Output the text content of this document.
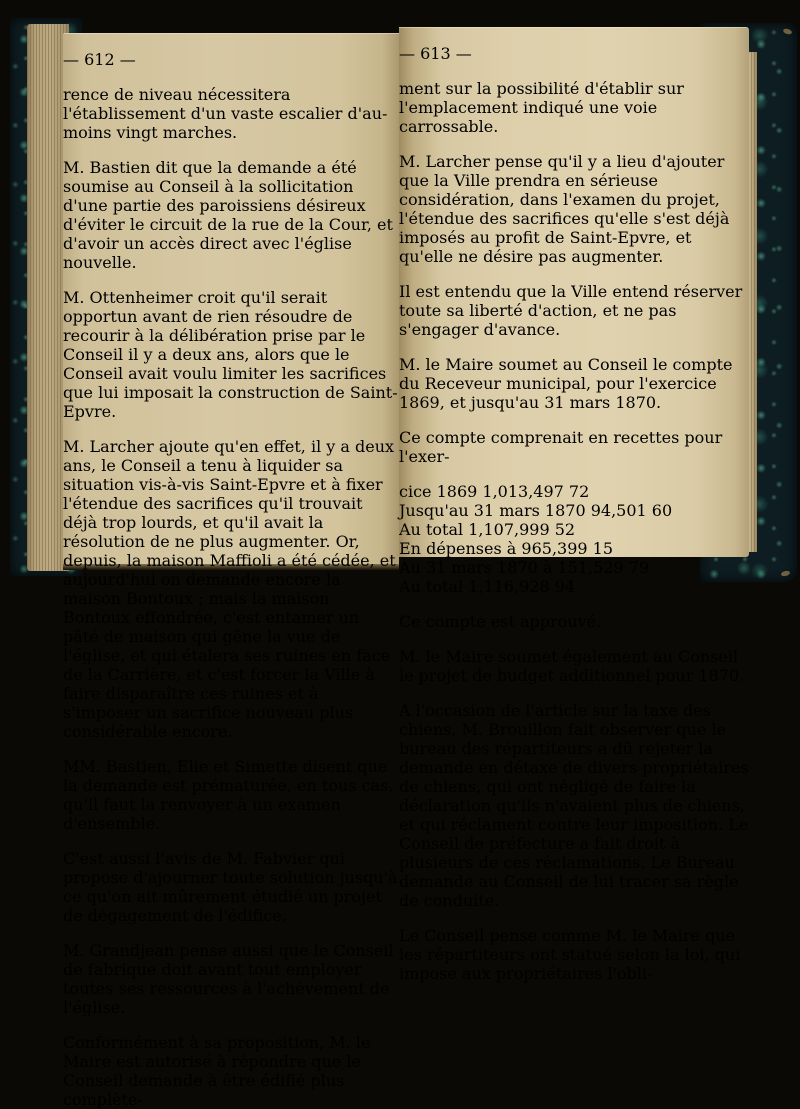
— 612 —

rence de niveau nécessitera l'établissement d'un vaste escalier d'au-moins vingt marches.

M. Bastien dit que la demande a été soumise au Conseil à la sollicitation d'une partie des paroissiens désireux d'éviter le circuit de la rue de la Cour, et d'avoir un accès direct avec l'église nouvelle.

M. Ottenheimer croit qu'il serait opportun avant de rien résoudre de recourir à la délibération prise par le Conseil il y a deux ans, alors que le Conseil avait voulu limiter les sacrifices que lui imposait la construction de Saint-Epvre.

M. Larcher ajoute qu'en effet, il y a deux ans, le Conseil a tenu à liquider sa situation vis-à-vis Saint-Epvre et à fixer l'étendue des sacrifices qu'il trouvait déjà trop lourds, et qu'il avait la résolution de ne plus augmenter. Or, depuis, la maison Maffioli a été cédée, et aujourd'hui on demande encore la maison Bontoux ; mais la maison Bontoux effondrée, c'est entamer un pâté de maison qui gêne la vue de l'église, et qui étalera ses ruines en face de la Carrière, et c'est forcer la Ville à faire disparaître ces ruines et à s'imposer un sacrifice nouveau plus considérable encore.

MM. Bastien, Elie et Simette disent que la demande est prématurée, en tous cas, qu'il faut la renvoyer à un examen d'ensemble.

C'est aussi l'avis de M. Fabvier qui propose d'ajourner toute solution jusqu'à ce qu'on ait mûrement étudié un projet de dégagement de l'édifice.

M. Grandjean pense aussi que le Conseil de fabrique doit avant tout employer toutes ses ressources à l'achèvement de l'église.

Conformément à sa proposition, M. le Maire est autorisé à répondre que le Conseil demande à être édifié plus complète-

— 613 —

ment sur la possibilité d'établir sur l'emplacement indiqué une voie carrossable.

M. Larcher pense qu'il y a lieu d'ajouter que la Ville prendra en sérieuse considération, dans l'examen du projet, l'étendue des sacrifices qu'elle s'est déjà imposés au profit de Saint-Epvre, et qu'elle ne désire pas augmenter.

Il est entendu que la Ville entend réserver toute sa liberté d'action, et ne pas s'engager d'avance.

M. le Maire soumet au Conseil le compte du Receveur municipal, pour l'exercice 1869, et jusqu'au 31 mars 1870.

Ce compte comprenait en recettes pour l'exer-

cice 1869 1,013,497 72
Jusqu'au 31 mars 1870 94,501 60
Au total 1,107,999 52
En dépenses à 965,399 15
Au 31 mars 1870 à 151,529 79
Au total 1,116,928 94

Ce compte est approuvé.

M. le Maire soumet également au Conseil le projet de budget additionnel pour 1870.

A l'occasion de l'article sur la taxe des chiens, M. Brouillon fait observer que le bureau des répartiteurs a dû rejeter la demande en détaxe de divers propriétaires de chiens, qui ont négligé de faire la déclaration qu'ils n'avaient plus de chiens, et qui réclament contre leur imposition. Le Conseil de préfecture a fait droit à plusieurs de ces réclamations. Le Bureau demande au Conseil de lui tracer sa règle de conduite.

Le Conseil pense comme M. le Maire que les répartiteurs ont statué selon la loi, qui impose aux propriétaires l'obli-
